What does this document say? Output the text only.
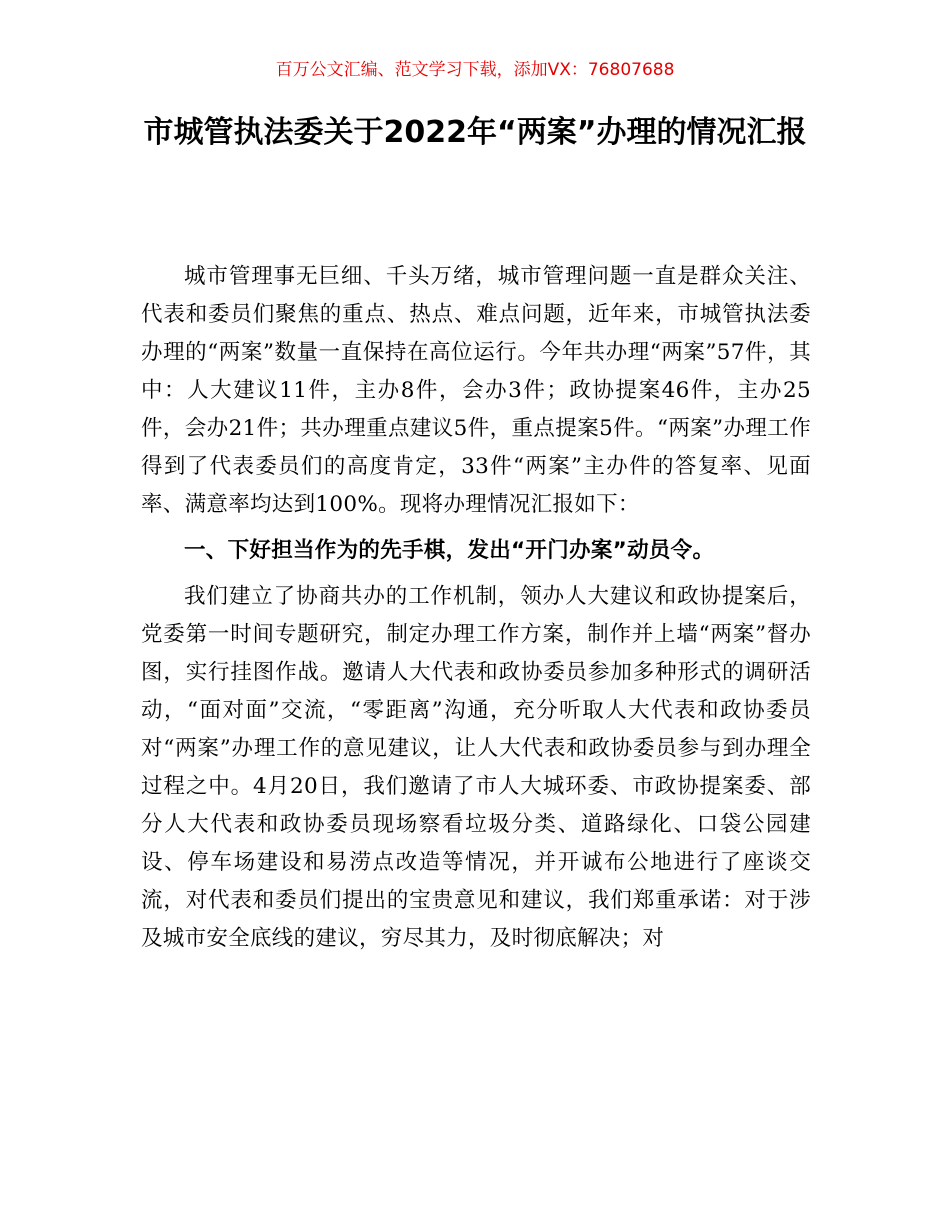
百万公文汇编、范文学习下载，添加VX：76807688

市城管执法委关于2022年“两案”办理的情况汇报

城市管理事无巨细、千头万绪，城市管理问题一直是群众关注、代表和委员们聚焦的重点、热点、难点问题，近年来，市城管执法委办理的“两案”数量一直保持在高位运行。今年共办理“两案”57件，其中：人大建议11件，主办8件，会办3件；政协提案46件，主办25件，会办21件；共办理重点建议5件，重点提案5件。“两案”办理工作得到了代表委员们的高度肯定，33件“两案”主办件的答复率、见面率、满意率均达到100%。现将办理情况汇报如下：

一、下好担当作为的先手棋，发出“开门办案”动员令。

我们建立了协商共办的工作机制，领办人大建议和政协提案后，党委第一时间专题研究，制定办理工作方案，制作并上墙“两案”督办图，实行挂图作战。邀请人大代表和政协委员参加多种形式的调研活动，“面对面”交流，“零距离”沟通，充分听取人大代表和政协委员对“两案”办理工作的意见建议，让人大代表和政协委员参与到办理全过程之中。4月20日，我们邀请了市人大城环委、市政协提案委、部分人大代表和政协委员现场察看垃圾分类、道路绿化、口袋公园建设、停车场建设和易涝点改造等情况，并开诚布公地进行了座谈交流，对代表和委员们提出的宝贵意见和建议，我们郑重承诺：对于涉及城市安全底线的建议，穷尽其力，及时彻底解决；对
